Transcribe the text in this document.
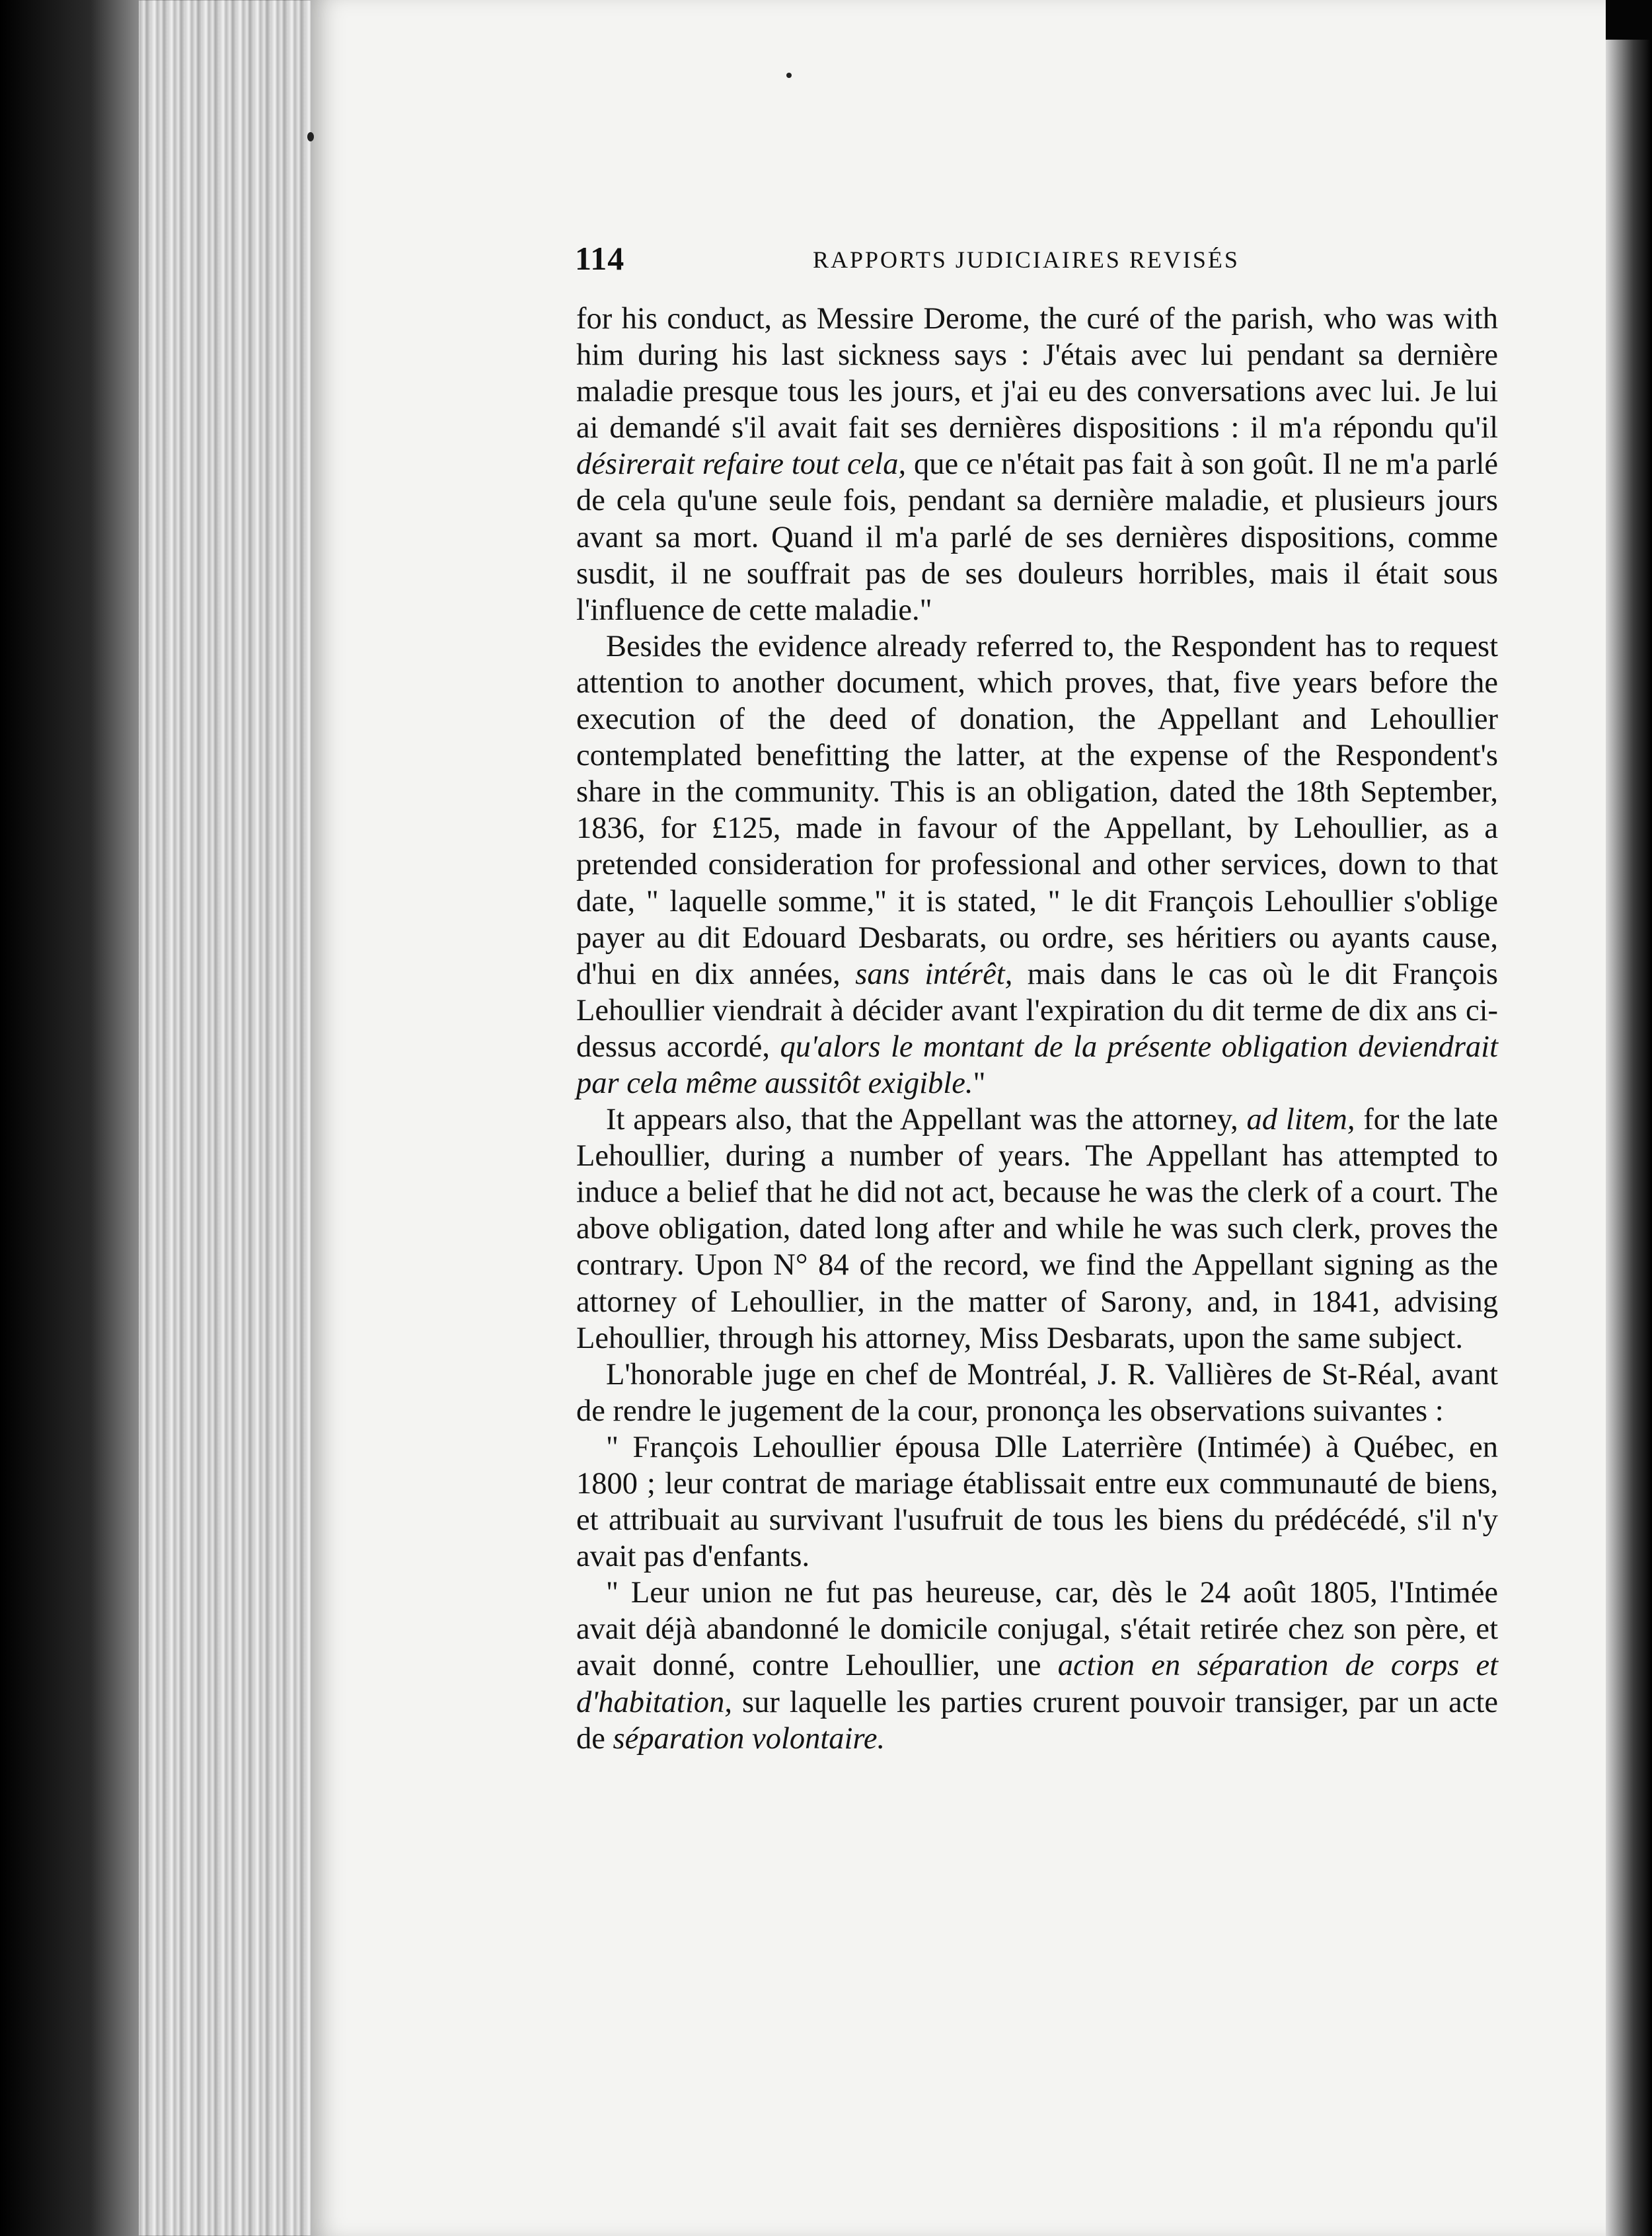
114	RAPPORTS JUDICIAIRES REVISÉS

for his conduct, as Messire Derome, the curé of the parish, who was with him during his last sickness says : J'étais avec lui pendant sa dernière maladie presque tous les jours, et j'ai eu des conversations avec lui. Je lui ai demandé s'il avait fait ses dernières dispositions : il m'a répondu qu'il désirerait refaire tout cela, que ce n'était pas fait à son goût. Il ne m'a parlé de cela qu'une seule fois, pendant sa dernière maladie, et plusieurs jours avant sa mort. Quand il m'a parlé de ses dernières dispositions, comme susdit, il ne souffrait pas de ses douleurs horribles, mais il était sous l'influence de cette maladie."

Besides the evidence already referred to, the Respondent has to request attention to another document, which proves, that, five years before the execution of the deed of donation, the Appellant and Lehoullier contemplated benefitting the latter, at the expense of the Respondent's share in the community. This is an obligation, dated the 18th September, 1836, for £125, made in favour of the Appellant, by Lehoullier, as a pretended consideration for professional and other services, down to that date, " laquelle somme," it is stated, " le dit François Lehoullier s'oblige payer au dit Edouard Desbarats, ou ordre, ses héritiers ou ayants cause, d'hui en dix années, sans intérêt, mais dans le cas où le dit François Lehoullier viendrait à décider avant l'expiration du dit terme de dix ans ci-dessus accordé, qu'alors le montant de la présente obligation deviendrait par cela même aussitôt exigible."

It appears also, that the Appellant was the attorney, ad litem, for the late Lehoullier, during a number of years. The Appellant has attempted to induce a belief that he did not act, because he was the clerk of a court. The above obligation, dated long after and while he was such clerk, proves the contrary. Upon N° 84 of the record, we find the Appellant signing as the attorney of Lehoullier, in the matter of Sarony, and, in 1841, advising Lehoullier, through his attorney, Miss Desbarats, upon the same subject.

L'honorable juge en chef de Montréal, J. R. Vallières de St-Réal, avant de rendre le jugement de la cour, prononça les observations suivantes :

" François Lehoullier épousa Dlle Laterrière (Intimée) à Québec, en 1800 ; leur contrat de mariage établissait entre eux communauté de biens, et attribuait au survivant l'usufruit de tous les biens du prédécédé, s'il n'y avait pas d'enfants.

" Leur union ne fut pas heureuse, car, dès le 24 août 1805, l'Intimée avait déjà abandonné le domicile conjugal, s'était retirée chez son père, et avait donné, contre Lehoullier, une action en séparation de corps et d'habitation, sur laquelle les parties crurent pouvoir transiger, par un acte de séparation volontaire.
